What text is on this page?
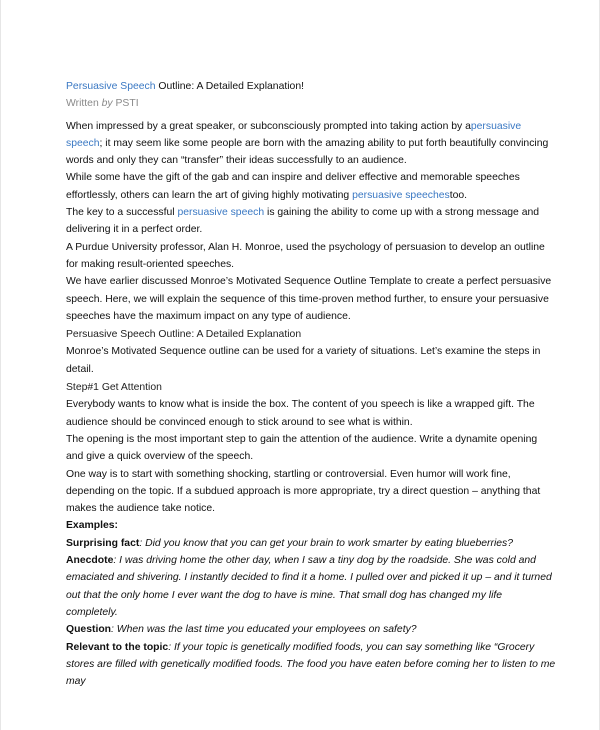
Persuasive Speech Outline: A Detailed Explanation!
Written by PSTI

When impressed by a great speaker, or subconsciously prompted into taking action by apersuasive speech; it may seem like some people are born with the amazing ability to put forth beautifully convincing words and only they can “transfer” their ideas successfully to an audience.

While some have the gift of the gab and can inspire and deliver effective and memorable speeches effortlessly, others can learn the art of giving highly motivating persuasive speechestoo.

The key to a successful persuasive speech is gaining the ability to come up with a strong message and delivering it in a perfect order.

A Purdue University professor, Alan H. Monroe, used the psychology of persuasion to develop an outline for making result-oriented speeches.

We have earlier discussed Monroe’s Motivated Sequence Outline Template to create a perfect persuasive speech. Here, we will explain the sequence of this time-proven method further, to ensure your persuasive speeches have the maximum impact on any type of audience.

Persuasive Speech Outline: A Detailed Explanation

Monroe’s Motivated Sequence outline can be used for a variety of situations. Let’s examine the steps in detail.

Step#1 Get Attention

Everybody wants to know what is inside the box. The content of you speech is like a wrapped gift. The audience should be convinced enough to stick around to see what is within.

The opening is the most important step to gain the attention of the audience. Write a dynamite opening and give a quick overview of the speech.

One way is to start with something shocking, startling or controversial. Even humor will work fine, depending on the topic. If a subdued approach is more appropriate, try a direct question – anything that makes the audience take notice.

Examples:

Surprising fact: Did you know that you can get your brain to work smarter by eating blueberries?

Anecdote: I was driving home the other day, when I saw a tiny dog by the roadside. She was cold and emaciated and shivering. I instantly decided to find it a home. I pulled over and picked it up – and it turned out that the only home I ever want the dog to have is mine. That small dog has changed my life completely.

Question: When was the last time you educated your employees on safety?

Relevant to the topic: If your topic is genetically modified foods, you can say something like “Grocery stores are filled with genetically modified foods. The food you have eaten before coming her to listen to me may
